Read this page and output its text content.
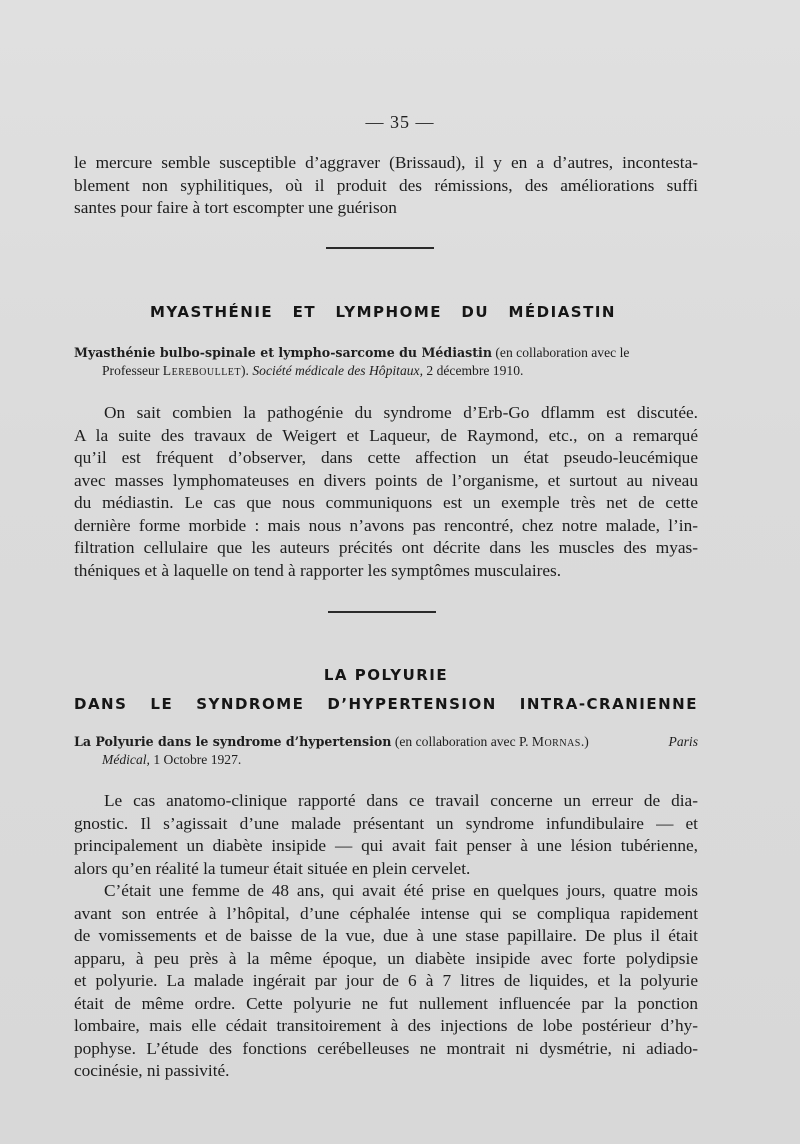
— 35 —
le mercure semble susceptible d’aggraver (Brissaud), il y en a d’autres, incontesta-
blement non syphilitiques, où il produit des rémissions, des améliorations suffi
santes pour faire à tort escompter une guérison
MYASTHÉNIE ET LYMPHOME DU MÉDIASTIN
Myasthénie bulbo-spinale et lympho-sarcome du Médiastin (en collaboration avec le
Professeur Lereboullet). Société médicale des Hôpitaux, 2 décembre 1910.
On sait combien la pathogénie du syndrome d’Erb-Go dflamm est discutée.
A la suite des travaux de Weigert et Laqueur, de Raymond, etc., on a remarqué
qu’il est fréquent d’observer, dans cette affection un état pseudo-leucémique
avec masses lymphomateuses en divers points de l’organisme, et surtout au niveau
du médiastin. Le cas que nous communiquons est un exemple très net de cette
dernière forme morbide : mais nous n’avons pas rencontré, chez notre malade, l’in-
filtration cellulaire que les auteurs précités ont décrite dans les muscles des myas-
théniques et à laquelle on tend à rapporter les symptômes musculaires.
LA POLYURIE
DANS LE SYNDROME D’HYPERTENSION INTRA-CRANIENNE
La Polyurie dans le syndrome d’hypertension (en collaboration avec P. Mornas.)	Paris
Médical, 1 Octobre 1927.
Le cas anatomo-clinique rapporté dans ce travail concerne un erreur de dia-
gnostic. Il s’agissait d’une malade présentant un syndrome infundibulaire — et
principalement un diabète insipide — qui avait fait penser à une lésion tubérienne,
alors qu’en réalité la tumeur était située en plein cervelet.
C’était une femme de 48 ans, qui avait été prise en quelques jours, quatre mois
avant son entrée à l’hôpital, d’une céphalée intense qui se compliqua rapidement
de vomissements et de baisse de la vue, due à une stase papillaire. De plus il était
apparu, à peu près à la même époque, un diabète insipide avec forte polydipsie
et polyurie. La malade ingérait par jour de 6 à 7 litres de liquides, et la polyurie
était de même ordre. Cette polyurie ne fut nullement influencée par la ponction
lombaire, mais elle cédait transitoirement à des injections de lobe postérieur d’hy-
pophyse. L’étude des fonctions cerébelleuses ne montrait ni dysmétrie, ni adiado-
cocinésie, ni passivité.
